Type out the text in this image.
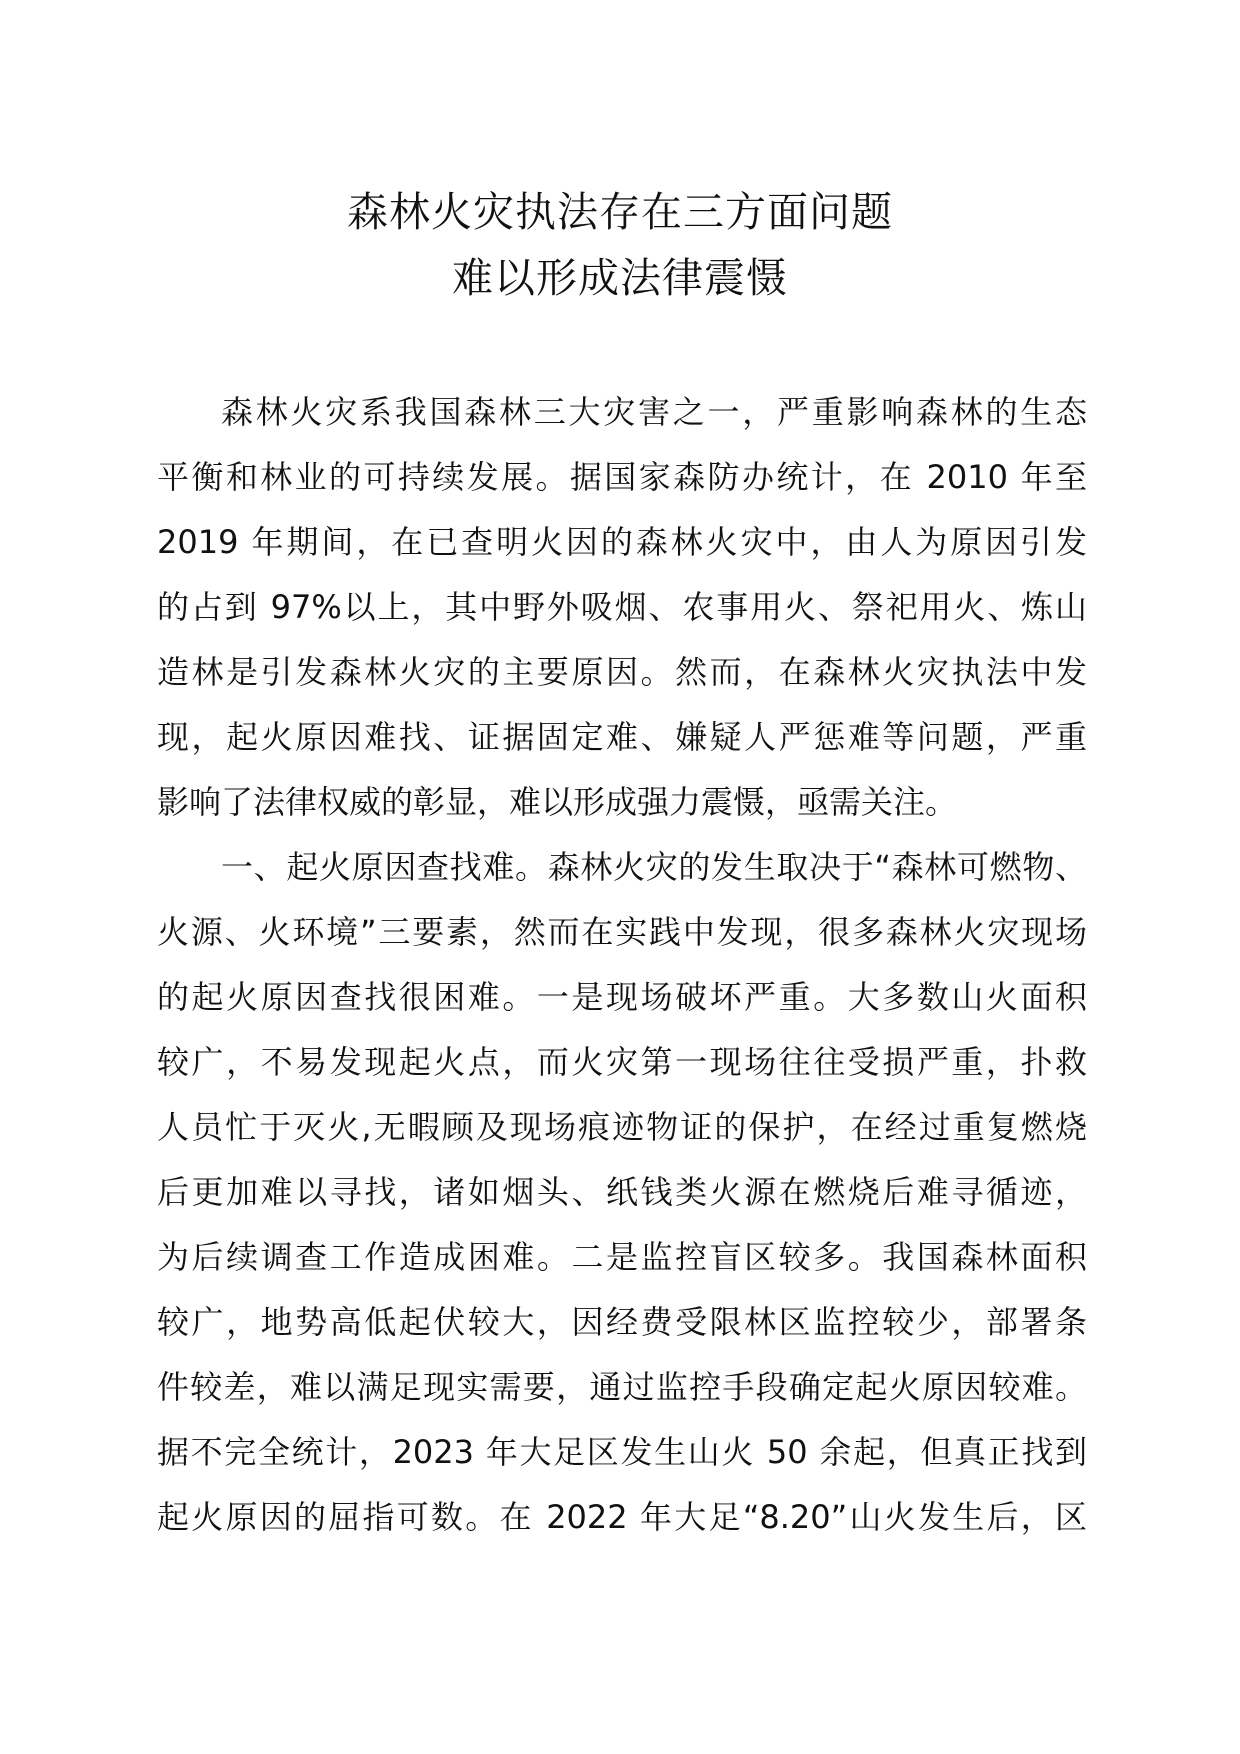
森林火灾执法存在三方面问题
难以形成法律震慑
森林火灾系我国森林三大灾害之一，严重影响森林的生态
平衡和林业的可持续发展。据国家森防办统计，在 2010 年至
2019 年期间，在已查明火因的森林火灾中，由人为原因引发
的占到 97%以上，其中野外吸烟、农事用火、祭祀用火、炼山
造林是引发森林火灾的主要原因。然而，在森林火灾执法中发
现，起火原因难找、证据固定难、嫌疑人严惩难等问题，严重
影响了法律权威的彰显，难以形成强力震慑，亟需关注。
一、起火原因查找难。森林火灾的发生取决于“森林可燃物、
火源、火环境”三要素，然而在实践中发现，很多森林火灾现场
的起火原因查找很困难。一是现场破坏严重。大多数山火面积
较广，不易发现起火点，而火灾第一现场往往受损严重，扑救
人员忙于灭火,无暇顾及现场痕迹物证的保护，在经过重复燃烧
后更加难以寻找，诸如烟头、纸钱类火源在燃烧后难寻循迹，
为后续调查工作造成困难。二是监控盲区较多。我国森林面积
较广，地势高低起伏较大，因经费受限林区监控较少，部署条
件较差，难以满足现实需要，通过监控手段确定起火原因较难。
据不完全统计，2023 年大足区发生山火 50 余起，但真正找到
起火原因的屈指可数。在 2022 年大足“8.20”山火发生后，区
